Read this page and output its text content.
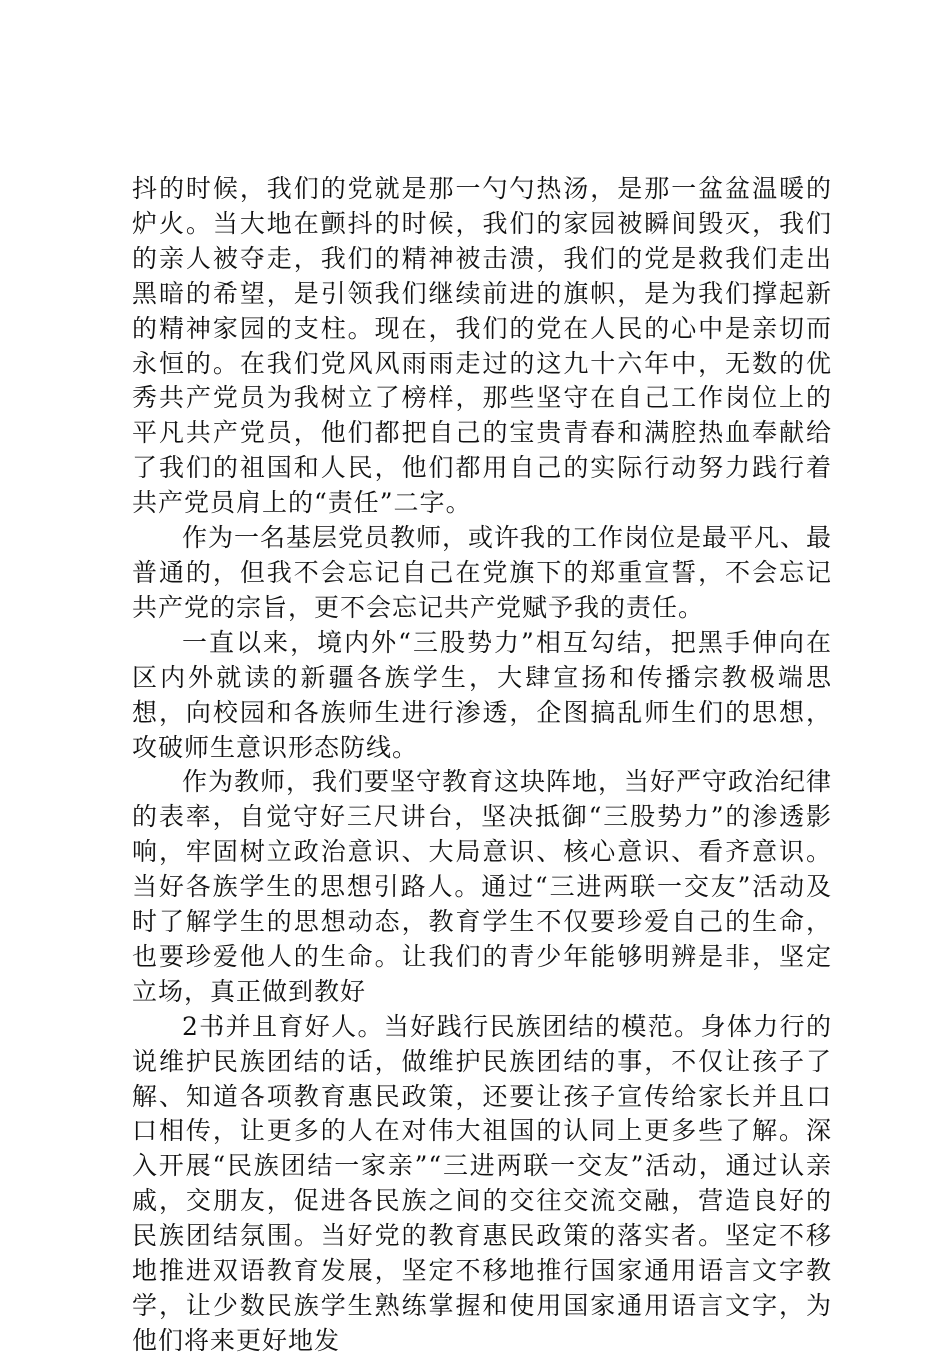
抖的时候，我们的党就是那一勺勺热汤，是那一盆盆温暖的炉火。当大地在颤抖的时候，我们的家园被瞬间毁灭，我们的亲人被夺走，我们的精神被击溃，我们的党是救我们走出黑暗的希望，是引领我们继续前进的旗帜，是为我们撑起新的精神家园的支柱。现在，我们的党在人民的心中是亲切而永恒的。在我们党风风雨雨走过的这九十六年中，无数的优秀共产党员为我树立了榜样，那些坚守在自己工作岗位上的平凡共产党员，他们都把自己的宝贵青春和满腔热血奉献给了我们的祖国和人民，他们都用自己的实际行动努力践行着共产党员肩上的“责任”二字。

作为一名基层党员教师，或许我的工作岗位是最平凡、最普通的，但我不会忘记自己在党旗下的郑重宣誓，不会忘记共产党的宗旨，更不会忘记共产党赋予我的责任。

一直以来，境内外“三股势力”相互勾结，把黑手伸向在区内外就读的新疆各族学生，大肆宣扬和传播宗教极端思想，向校园和各族师生进行渗透，企图搞乱师生们的思想，攻破师生意识形态防线。

作为教师，我们要坚守教育这块阵地，当好严守政治纪律的表率，自觉守好三尺讲台，坚决抵御“三股势力”的渗透影响，牢固树立政治意识、大局意识、核心意识、看齐意识。当好各族学生的思想引路人。通过“三进两联一交友”活动及时了解学生的思想动态，教育学生不仅要珍爱自己的生命，也要珍爱他人的生命。让我们的青少年能够明辨是非，坚定立场，真正做到教好

2书并且育好人。当好践行民族团结的模范。身体力行的说维护民族团结的话，做维护民族团结的事，不仅让孩子了解、知道各项教育惠民政策，还要让孩子宣传给家长并且口口相传，让更多的人在对伟大祖国的认同上更多些了解。深入开展“民族团结一家亲”“三进两联一交友”活动，通过认亲戚，交朋友，促进各民族之间的交往交流交融，营造良好的民族团结氛围。当好党的教育惠民政策的落实者。坚定不移地推进双语教育发展，坚定不移地推行国家通用语言文字教学，让少数民族学生熟练掌握和使用国家通用语言文字，为他们将来更好地发
